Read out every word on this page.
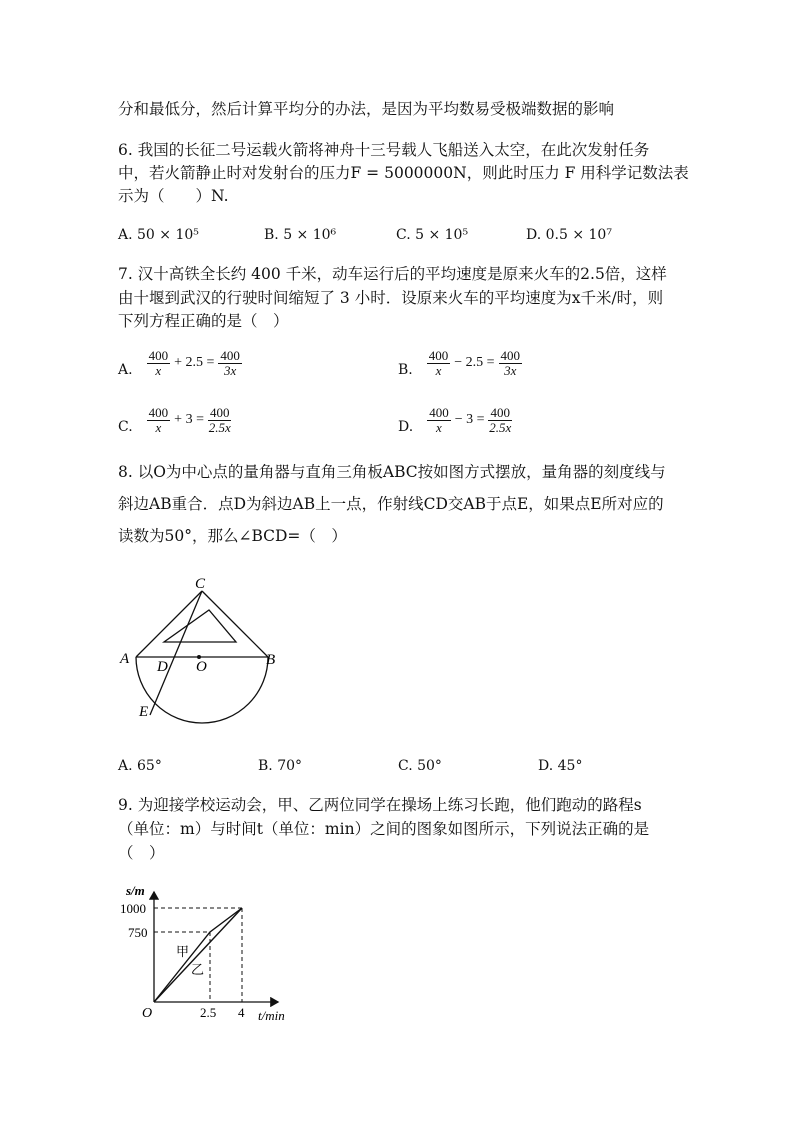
分和最低分，然后计算平均分的办法，是因为平均数易受极端数据的影响
6. 我国的长征二号运载火箭将神舟十三号载人飞船送入太空，在此次发射任务
中，若火箭静止时对发射台的压力F = 5000000N，则此时压力 F 用科学记数法表
示为（　　）N.
A. 50 × 10⁵	B. 5 × 10⁶	C. 5 × 10⁵	D. 0.5 × 10⁷
7. 汉十高铁全长约 400 千米，动车运行后的平均速度是原来火车的2.5倍，这样
由十堰到武汉的行驶时间缩短了 3 小时．设原来火车的平均速度为x千米/时，则
下列方程正确的是（　）
A. $\frac{400}{x} + 2.5 = \frac{400}{3x}$	B. $\frac{400}{x} - 2.5 = \frac{400}{3x}$
C. $\frac{400}{x} + 3 = \frac{400}{2.5x}$	D. $\frac{400}{x} - 3 = \frac{400}{2.5x}$
8. 以O为中心点的量角器与直角三角板ABC按如图方式摆放，量角器的刻度线与
斜边AB重合．点D为斜边AB上一点，作射线CD交AB于点E，如果点E所对应的
读数为50°，那么∠BCD=（　）
C
A	B
D O
E
A. 65°	B. 70°	C. 50°	D. 45°
9. 为迎接学校运动会，甲、乙两位同学在操场上练习长跑，他们跑动的路程s
（单位：m）与时间t（单位：min）之间的图象如图所示，下列说法正确的是
（　）
s/m
t/min
1000
750
O	2.5 4
甲
乙
